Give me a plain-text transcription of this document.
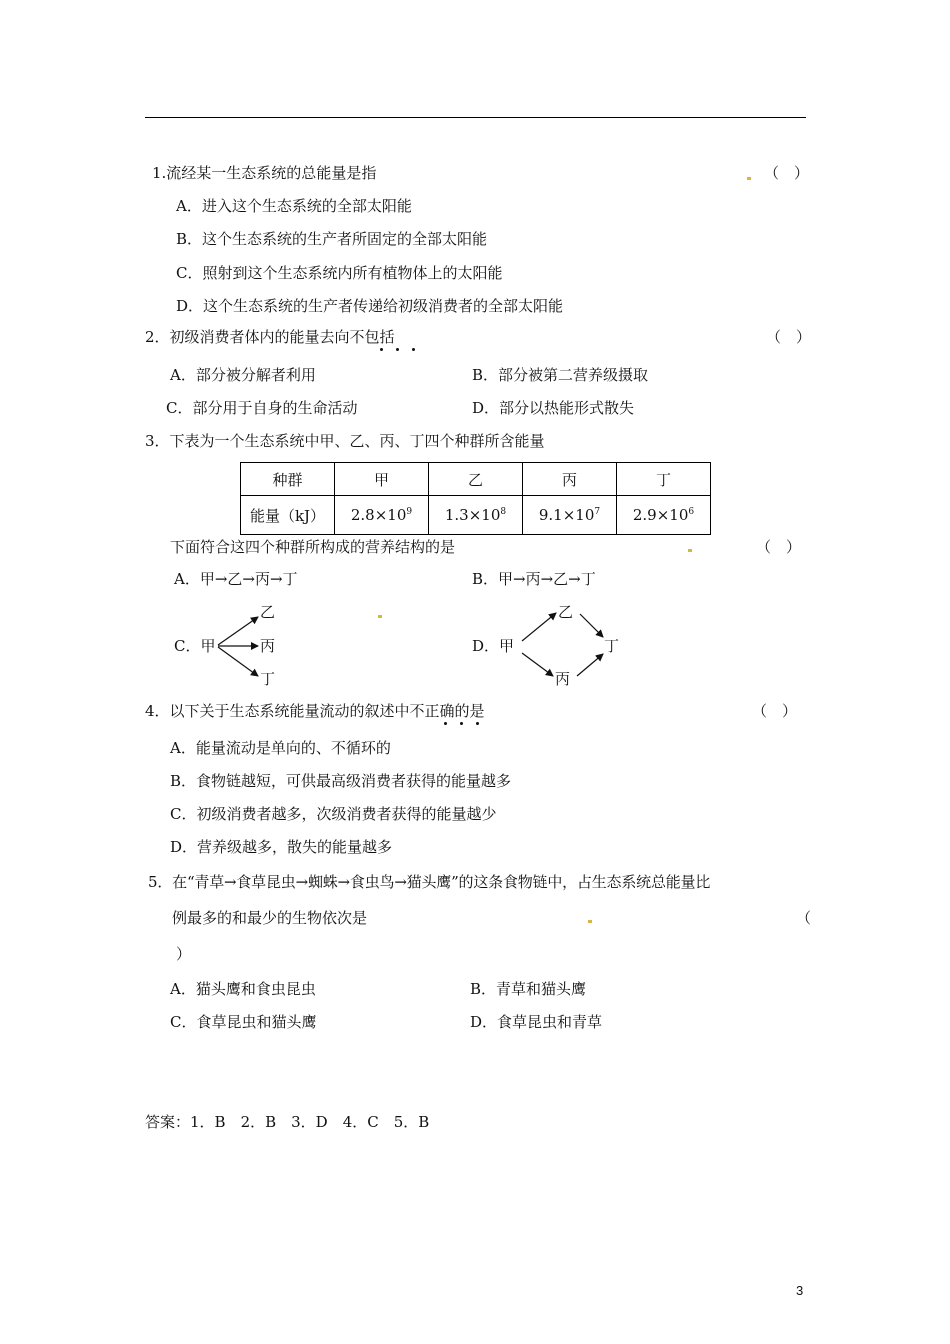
1.流经某一生态系统的总能量是指	（　）
A．进入这个生态系统的全部太阳能
B．这个生态系统的生产者所固定的全部太阳能
C．照射到这个生态系统内所有植物体上的太阳能
D．这个生态系统的生产者传递给初级消费者的全部太阳能
2．初级消费者体内的能量去向不包括	（　）
A．部分被分解者利用	B．部分被第二营养级摄取
C．部分用于自身的生命活动	D．部分以热能形式散失
3．下表为一个生态系统中甲、乙、丙、丁四个种群所含能量
种群	甲	乙	丙	丁
能量（kJ）	$2.8\times 10^9$	$1.3\times 10^8$	$9.1\times 10^7$	$2.9\times 10^6$
下面符合这四个种群所构成的营养结构的是	（　）
A．甲→乙→丙→丁	B．甲→丙→乙→丁
C．甲
乙
丙
丁
D．甲
乙
丁
丙
4．以下关于生态系统能量流动的叙述中不正确的是	（　）
A．能量流动是单向的、不循环的
B．食物链越短，可供最高级消费者获得的能量越多
C．初级消费者越多，次级消费者获得的能量越少
D．营养级越多，散失的能量越多
5．在“青草→食草昆虫→蜘蛛→食虫鸟→猫头鹰”的这条食物链中，占生态系统总能量比
例最多的和最少的生物依次是	（
）
A．猫头鹰和食虫昆虫	B．青草和猫头鹰
C．食草昆虫和猫头鹰	D．食草昆虫和青草
答案：1．B　2．B　3．D　4．C　5．B
3
